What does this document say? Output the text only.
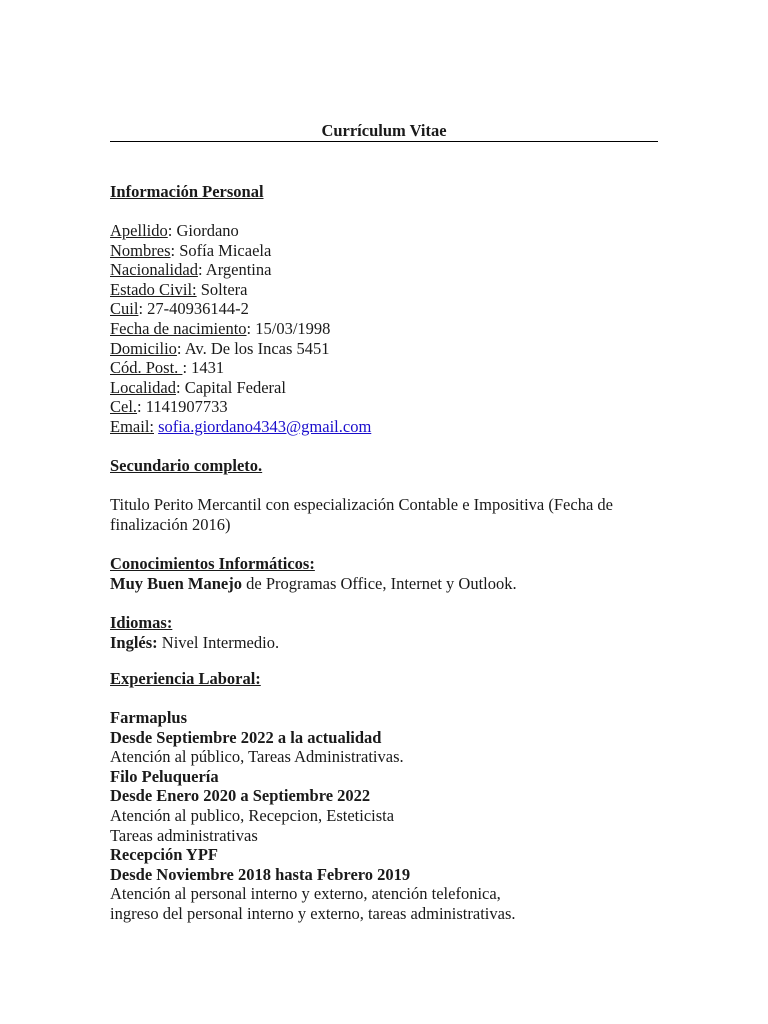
Currículum Vitae
Información Personal
Apellido: Giordano
Nombres: Sofía Micaela
Nacionalidad: Argentina
Estado Civil: Soltera
Cuil: 27-40936144-2
Fecha de nacimiento: 15/03/1998
Domicilio: Av. De los Incas 5451
Cód. Post. : 1431
Localidad: Capital Federal
Cel.: 1141907733
Email: sofia.giordano4343@gmail.com
Secundario completo.
Titulo Perito Mercantil con especialización Contable e Impositiva (Fecha de finalización 2016)
Conocimientos Informáticos:
Muy Buen Manejo de Programas Office, Internet y Outlook.
Idiomas:
Inglés: Nivel Intermedio.
Experiencia Laboral:
Farmaplus
Desde Septiembre 2022 a la actualidad
Atención al público, Tareas Administrativas.
Filo Peluquería
Desde Enero 2020 a Septiembre 2022
Atención al publico, Recepcion, Esteticista
Tareas administrativas
Recepción YPF
Desde Noviembre 2018 hasta Febrero 2019
Atención al personal interno y externo, atención telefonica,
ingreso del personal interno y externo, tareas administrativas.
